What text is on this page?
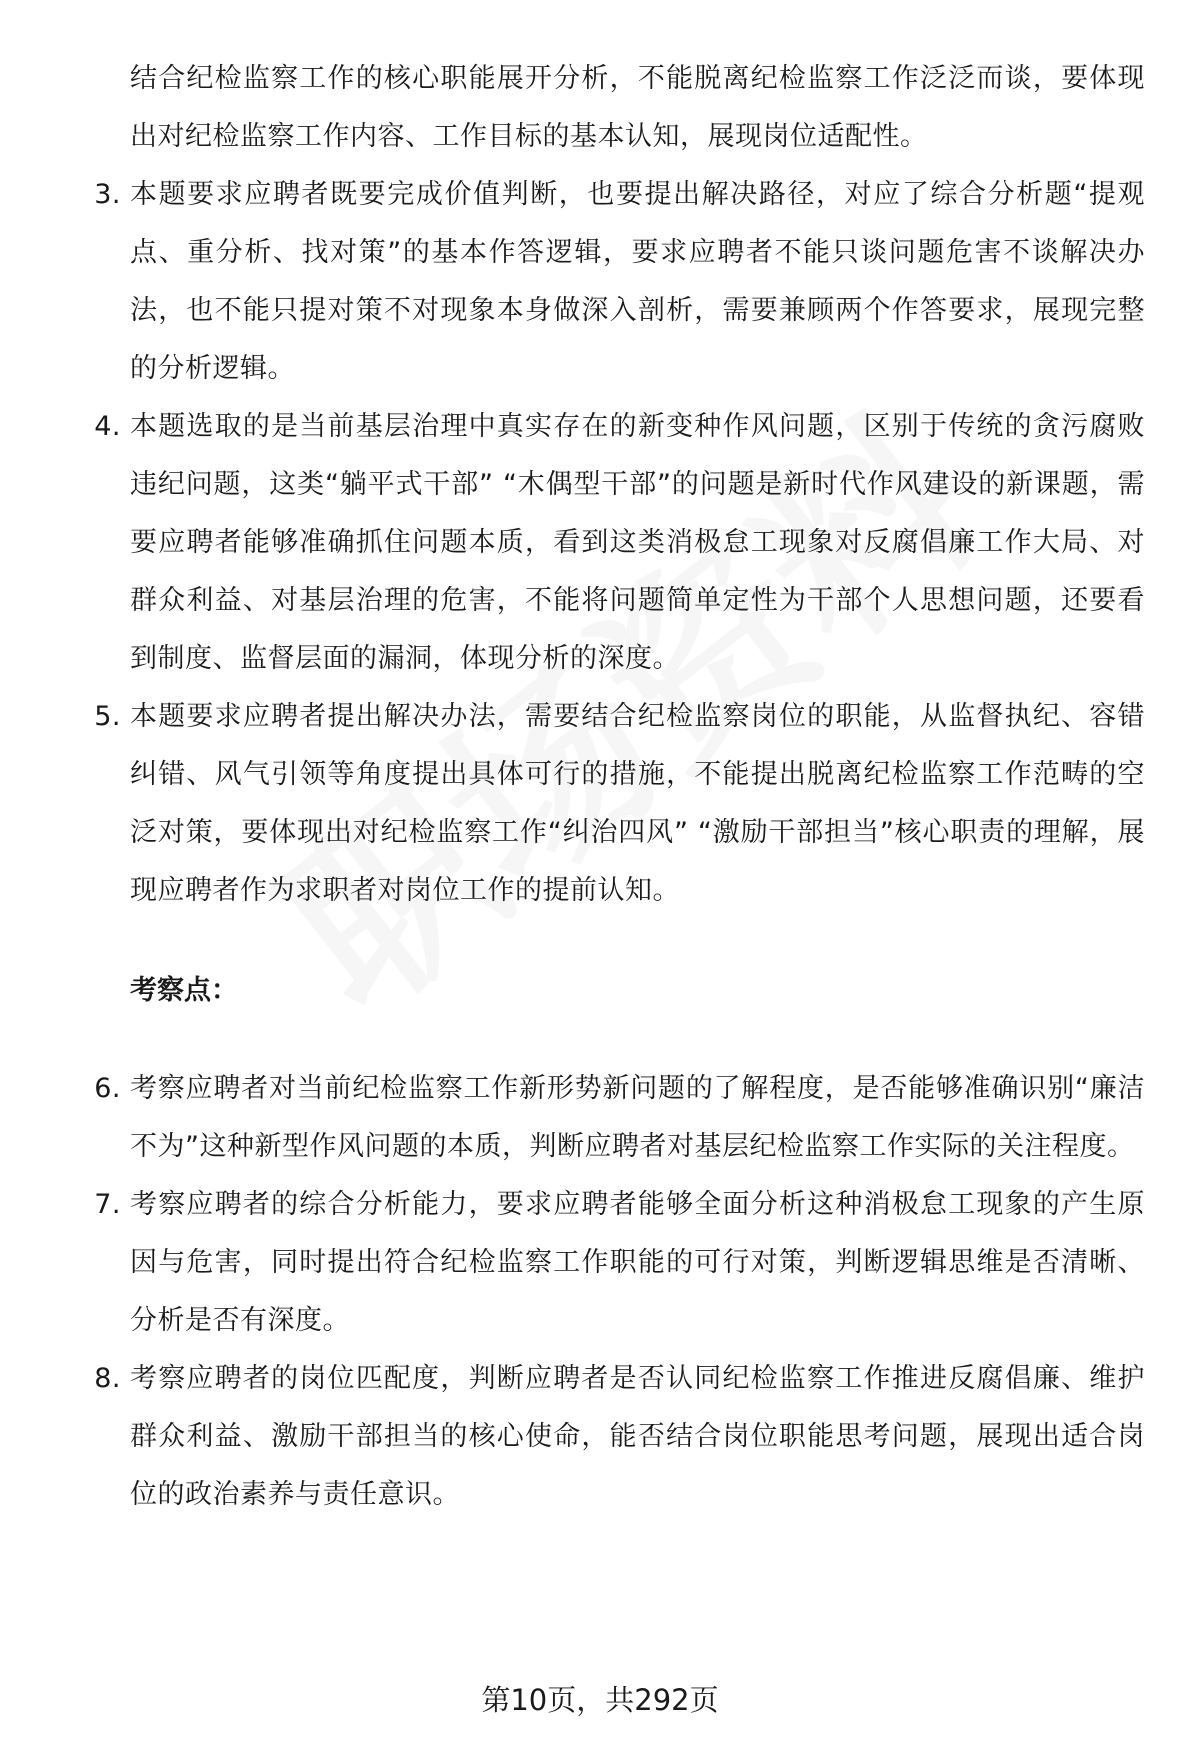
结合纪检监察工作的核心职能展开分析，不能脱离纪检监察工作泛泛而谈，要体现出对纪检监察工作内容、工作目标的基本认知，展现岗位适配性。
3. 本题要求应聘者既要完成价值判断，也要提出解决路径，对应了综合分析题“提观点、重分析、找对策”的基本作答逻辑，要求应聘者不能只谈问题危害不谈解决办法，也不能只提对策不对现象本身做深入剖析，需要兼顾两个作答要求，展现完整的分析逻辑。
4. 本题选取的是当前基层治理中真实存在的新变种作风问题，区别于传统的贪污腐败违纪问题，这类“躺平式干部” “木偶型干部”的问题是新时代作风建设的新课题，需要应聘者能够准确抓住问题本质，看到这类消极怠工现象对反腐倡廉工作大局、对群众利益、对基层治理的危害，不能将问题简单定性为干部个人思想问题，还要看到制度、监督层面的漏洞，体现分析的深度。
5. 本题要求应聘者提出解决办法，需要结合纪检监察岗位的职能，从监督执纪、容错纠错、风气引领等角度提出具体可行的措施，不能提出脱离纪检监察工作范畴的空泛对策，要体现出对纪检监察工作“纠治四风” “激励干部担当”核心职责的理解，展现应聘者作为求职者对岗位工作的提前认知。
考察点：
6. 考察应聘者对当前纪检监察工作新形势新问题的了解程度，是否能够准确识别“廉洁不为”这种新型作风问题的本质，判断应聘者对基层纪检监察工作实际的关注程度。
7. 考察应聘者的综合分析能力，要求应聘者能够全面分析这种消极怠工现象的产生原因与危害，同时提出符合纪检监察工作职能的可行对策，判断逻辑思维是否清晰、分析是否有深度。
8. 考察应聘者的岗位匹配度，判断应聘者是否认同纪检监察工作推进反腐倡廉、维护群众利益、激励干部担当的核心使命，能否结合岗位职能思考问题，展现出适合岗位的政治素养与责任意识。
第10页，共292页
